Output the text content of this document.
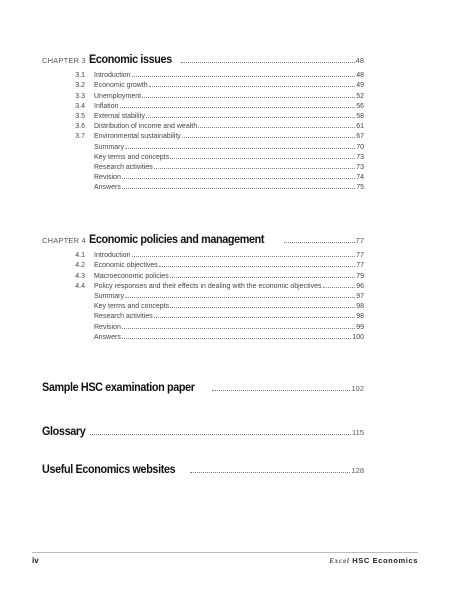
CHAPTER 3 Economic issues	48
3.1 Introduction	48
3.2 Economic growth	49
3.3 Unemployment	52
3.4 Inflation	56
3.5 External stability	58
3.6 Distribution of income and wealth	61
3.7 Environmental sustainability	67
Summary	70
Key terms and concepts	73
Research activities	73
Revision	74
Answers	75
CHAPTER 4 Economic policies and management	77
4.1 Introduction	77
4.2 Economic objectives	77
4.3 Macroeconomic policies	79
4.4 Policy responses and their effects in dealing with the economic objectives	96
Summary	97
Key terms and concepts	98
Research activities	98
Revision	99
Answers	100
Sample HSC examination paper	102
Glossary	115
Useful Economics websites	128
iv	Excel HSC Economics
